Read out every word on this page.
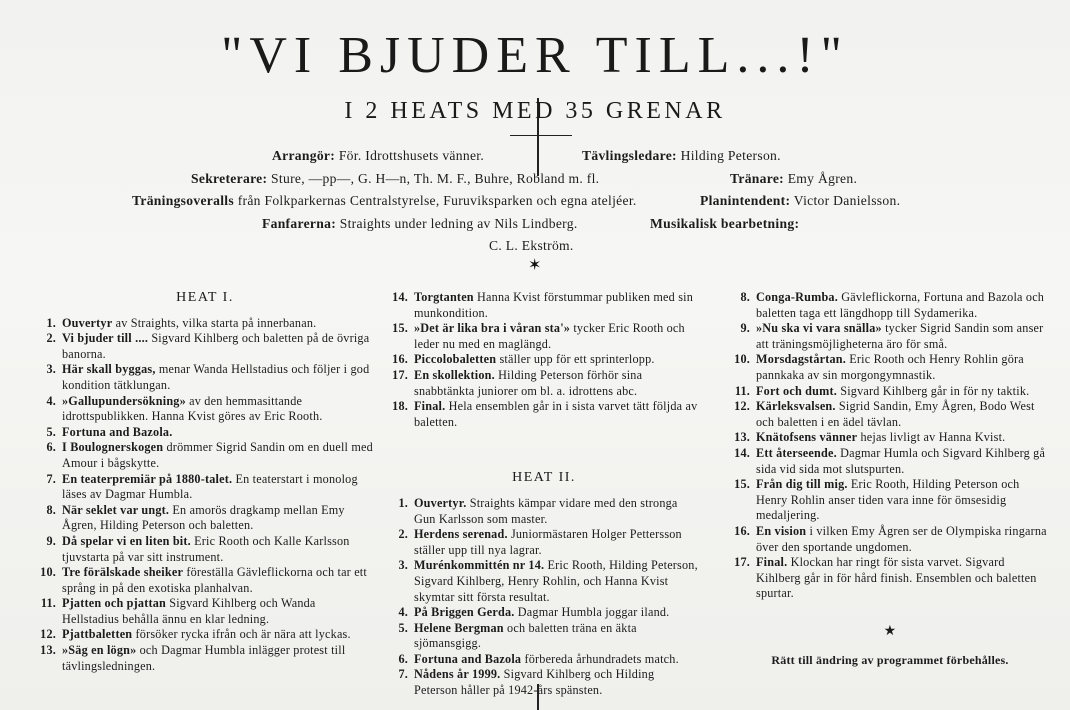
"VI BJUDER TILL...!"
I 2 HEATS MED 35 GRENAR
Arrangör: För. Idrottshusets vänner.	Tävlingsledare: Hilding Peterson.
Sekreterare: Sture, —pp—, G. H—n, Th. M. F., Buhre, Robland m. fl.	Tränare: Emy Ågren.
Träningsoveralls från Folkparkernas Centralstyrelse, Furuviksparken och egna ateljéer.	Planintendent: Victor Danielsson.
Fanfarerna: Straights under ledning av Nils Lindberg.	Musikalisk bearbetning:
C. L. Ekström.
✶
HEAT I.
1. Ouvertyr av Straights, vilka starta på innerbanan.
2. Vi bjuder till .... Sigvard Kihlberg och baletten på de övriga banorna.
3. Här skall byggas, menar Wanda Hellstadius och följer i god kondition tätklungan.
4. »Gallupundersökning» av den hemmasittande idrottspublikken. Hanna Kvist göres av Eric Rooth.
5. Fortuna and Bazola.
6. I Boulognerskogen drömmer Sigrid Sandin om en duell med Amour i bågskytte.
7. En teaterpremiär på 1880-talet. En teaterstart i monolog läses av Dagmar Humbla.
8. När seklet var ungt. En amorös dragkamp mellan Emy Ågren, Hilding Peterson och baletten.
9. Då spelar vi en liten bit. Eric Rooth och Kalle Karlsson tjuvstarta på var sitt instrument.
10. Tre förälskade sheiker föreställa Gävleflickorna och tar ett språng in på den exotiska planhalvan.
11. Pjatten och pjattan Sigvard Kihlberg och Wanda Hellstadius behålla ännu en klar ledning.
12. Pjattbaletten försöker rycka ifrån och är nära att lyckas.
13. »Säg en lögn» och Dagmar Humbla inlägger protest till tävlingsledningen.
14. Torgtanten Hanna Kvist förstummar publiken med sin munkondition.
15. »Det är lika bra i våran sta'» tycker Eric Rooth och leder nu med en maglängd.
16. Piccolobaletten ställer upp för ett sprinterlopp.
17. En skollektion. Hilding Peterson förhör sina snabbtänkta juniorer om bl. a. idrottens abc.
18. Final. Hela ensemblen går in i sista varvet tätt följda av baletten.
HEAT II.
1. Ouvertyr. Straights kämpar vidare med den stronga Gun Karlsson som master.
2. Herdens serenad. Juniormästaren Holger Pettersson ställer upp till nya lagrar.
3. Murénkommittén nr 14. Eric Rooth, Hilding Peterson, Sigvard Kihlberg, Henry Rohlin, och Hanna Kvist skymtar sitt första resultat.
4. På Briggen Gerda. Dagmar Humbla joggar iland.
5. Helene Bergman och baletten träna en äkta sjömansgigg.
6. Fortuna and Bazola förbereda århundradets match.
7. Nådens år 1999. Sigvard Kihlberg och Hilding Peterson håller på 1942-års spänsten.
8. Conga-Rumba. Gävleflickorna, Fortuna and Bazola och baletten taga ett längdhopp till Sydamerika.
9. »Nu ska vi vara snälla» tycker Sigrid Sandin som anser att träningsmöjligheterna äro för små.
10. Morsdagstårtan. Eric Rooth och Henry Rohlin göra pannkaka av sin morgongymnastik.
11. Fort och dumt. Sigvard Kihlberg går in för ny taktik.
12. Kärleksvalsen. Sigrid Sandin, Emy Ågren, Bodo West och baletten i en ädel tävlan.
13. Knätofsens vänner hejas livligt av Hanna Kvist.
14. Ett återseende. Dagmar Humla och Sigvard Kihlberg gå sida vid sida mot slutspurten.
15. Från dig till mig. Eric Rooth, Hilding Peterson och Henry Rohlin anser tiden vara inne för ömsesidig medaljering.
16. En vision i vilken Emy Ågren ser de Olympiska ringarna över den sportande ungdomen.
17. Final. Klockan har ringt för sista varvet. Sigvard Kihlberg går in för hård finish. Ensemblen och baletten spurtar.
★
Rätt till ändring av programmet förbehålles.
